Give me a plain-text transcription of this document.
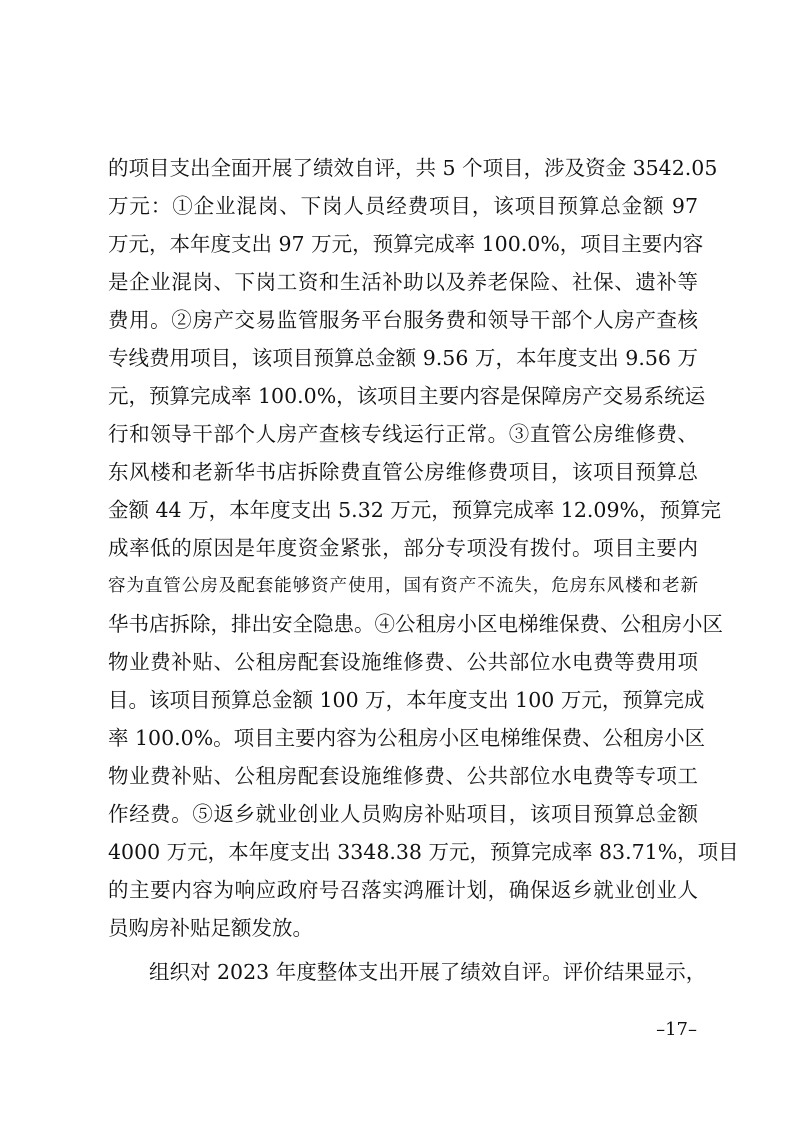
的项目支出全面开展了绩效自评，共 5 个项目，涉及资金 3542.05
万元：①企业混岗、下岗人员经费项目，该项目预算总金额 97
万元，本年度支出 97 万元，预算完成率 100.0%，项目主要内容
是企业混岗、下岗工资和生活补助以及养老保险、社保、遗补等
费用。②房产交易监管服务平台服务费和领导干部个人房产查核
专线费用项目，该项目预算总金额 9.56 万，本年度支出 9.56 万
元，预算完成率 100.0%，该项目主要内容是保障房产交易系统运
行和领导干部个人房产查核专线运行正常。③直管公房维修费、
东风楼和老新华书店拆除费直管公房维修费项目，该项目预算总
金额 44 万，本年度支出 5.32 万元，预算完成率 12.09%，预算完
成率低的原因是年度资金紧张，部分专项没有拨付。项目主要内
容为直管公房及配套能够资产使用，国有资产不流失，危房东风楼和老新
华书店拆除，排出安全隐患。④公租房小区电梯维保费、公租房小区
物业费补贴、公租房配套设施维修费、公共部位水电费等费用项
目。该项目预算总金额 100 万，本年度支出 100 万元，预算完成
率 100.0%。项目主要内容为公租房小区电梯维保费、公租房小区
物业费补贴、公租房配套设施维修费、公共部位水电费等专项工
作经费。⑤返乡就业创业人员购房补贴项目，该项目预算总金额
4000 万元，本年度支出 3348.38 万元，预算完成率 83.71%，项目
的主要内容为响应政府号召落实鸿雁计划，确保返乡就业创业人
员购房补贴足额发放。
组织对 2023 年度整体支出开展了绩效自评。评价结果显示，
–17–
